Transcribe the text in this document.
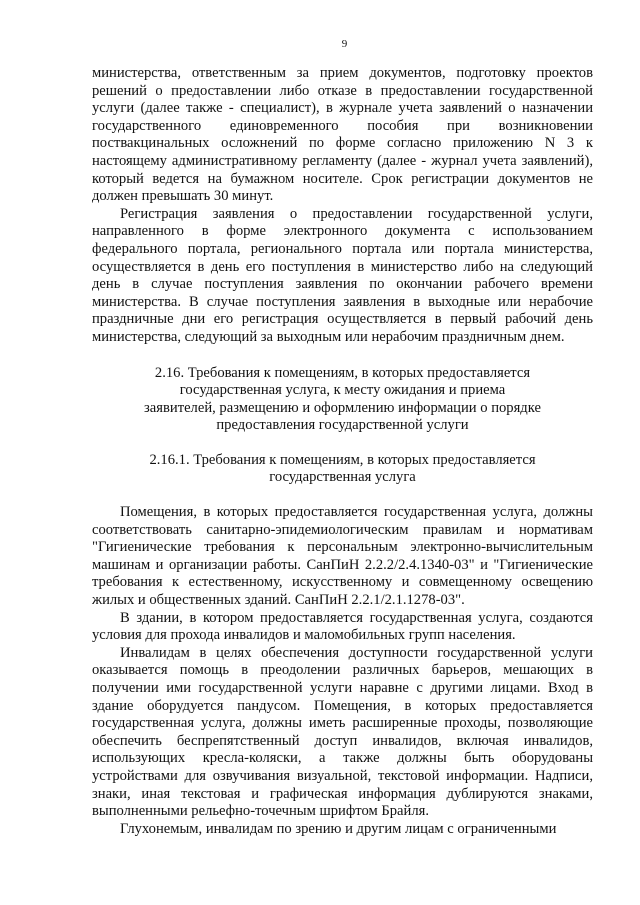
9

министерства, ответственным за прием документов, подготовку проектов решений о предоставлении либо отказе в предоставлении государственной услуги (далее также - специалист), в журнале учета заявлений о назначении государственного единовременного пособия при возникновении поствакцинальных осложнений по форме согласно приложению N 3 к настоящему административному регламенту (далее - журнал учета заявлений), который ведется на бумажном носителе. Срок регистрации документов не должен превышать 30 минут.

Регистрация заявления о предоставлении государственной услуги, направленного в форме электронного документа с использованием федерального портала, регионального портала или портала министерства, осуществляется в день его поступления в министерство либо на следующий день в случае поступления заявления по окончании рабочего времени министерства. В случае поступления заявления в выходные или нерабочие праздничные дни его регистрация осуществляется в первый рабочий день министерства, следующий за выходным или нерабочим праздничным днем.

2.16. Требования к помещениям, в которых предоставляется

государственная услуга, к месту ожидания и приема

заявителей, размещению и оформлению информации о порядке

предоставления государственной услуги

2.16.1. Требования к помещениям, в которых предоставляется

государственная услуга

Помещения, в которых предоставляется государственная услуга, должны соответствовать санитарно-эпидемиологическим правилам и нормативам "Гигиенические требования к персональным электронно-вычислительным машинам и организации работы. СанПиН 2.2.2/2.4.1340-03" и "Гигиенические требования к естественному, искусственному и совмещенному освещению жилых и общественных зданий. СанПиН 2.2.1/2.1.1278-03".

В здании, в котором предоставляется государственная услуга, создаются условия для прохода инвалидов и маломобильных групп населения.

Инвалидам в целях обеспечения доступности государственной услуги оказывается помощь в преодолении различных барьеров, мешающих в получении ими государственной услуги наравне с другими лицами. Вход в здание оборудуется пандусом. Помещения, в которых предоставляется государственная услуга, должны иметь расширенные проходы, позволяющие обеспечить беспрепятственный доступ инвалидов, включая инвалидов, использующих кресла-коляски, а также должны быть оборудованы устройствами для озвучивания визуальной, текстовой информации. Надписи, знаки, иная текстовая и графическая информация дублируются знаками, выполненными рельефно-точечным шрифтом Брайля.

Глухонемым, инвалидам по зрению и другим лицам с ограниченными
